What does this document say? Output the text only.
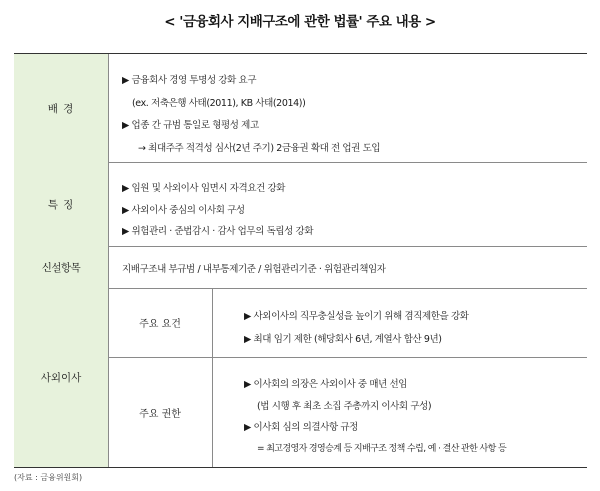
< '금융회사 지배구조에 관한 법률' 주요 내용 >
배 경
▶ 금융회사 경영 투명성 강화 요구
(ex. 저축은행 사태(2011), KB 사태(2014))
▶ 업종 간 규범 통일로 형평성 제고
→ 최대주주 적격성 심사(2년 주기) 2금융권 확대 전 업권 도입
특 징
▶ 임원 및 사외이사 임면시 자격요건 강화
▶ 사외이사 중심의 이사회 구성
▶ 위험관리 · 준법감시 · 감사 업무의 독립성 강화
신설항목	지배구조내 부규범 / 내부통제기준 / 위험관리기준 · 위험관리책임자
사외이사
주요 요건
주요 권한
▶ 사외이사의 직무충실성을 높이기 위해 겸직제한을 강화
▶ 최대 임기 제한 (해당회사 6년, 계열사 합산 9년)
▶ 이사회의 의장은 사외이사 중 매년 선임
(법 시행 후 최초 소집 주총까지 이사회 구성)
▶ 이사회 심의 의결사항 규정
= 최고경영자 경영승계 등 지배구조 정책 수립, 예 · 결산 관한 사항 등
(자료 : 금융위원회)
